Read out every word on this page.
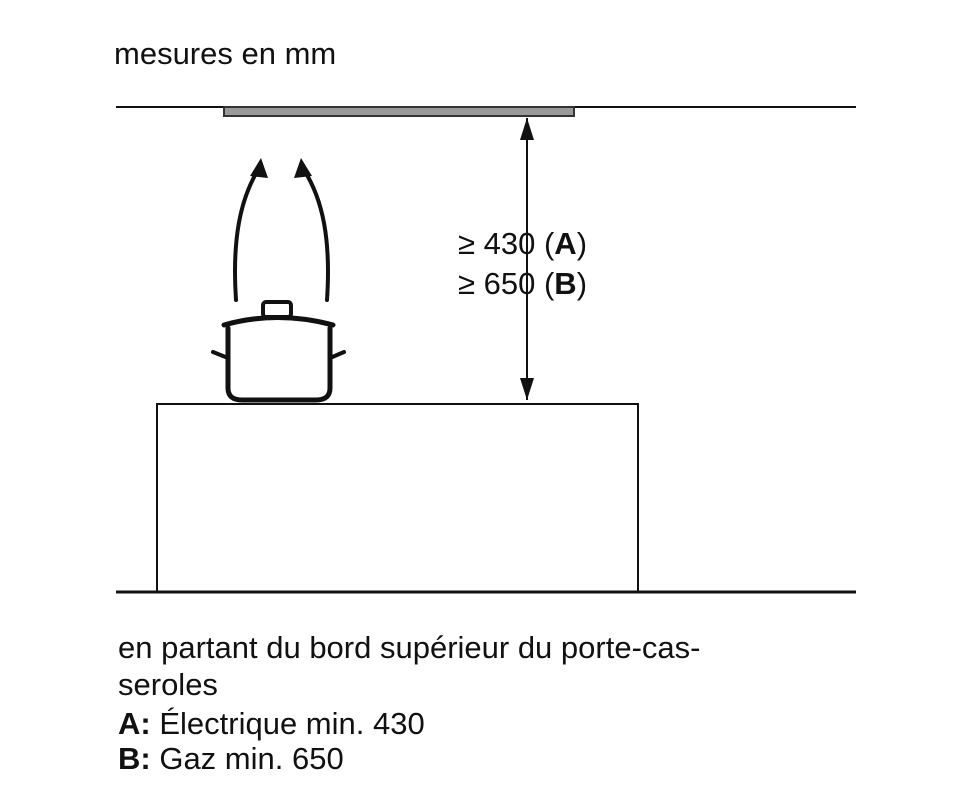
mesures en mm
≥ 430 (A)
≥ 650 (B)
en partant du bord supérieur du porte-cas-
seroles
A: Électrique min. 430
B: Gaz min. 650
